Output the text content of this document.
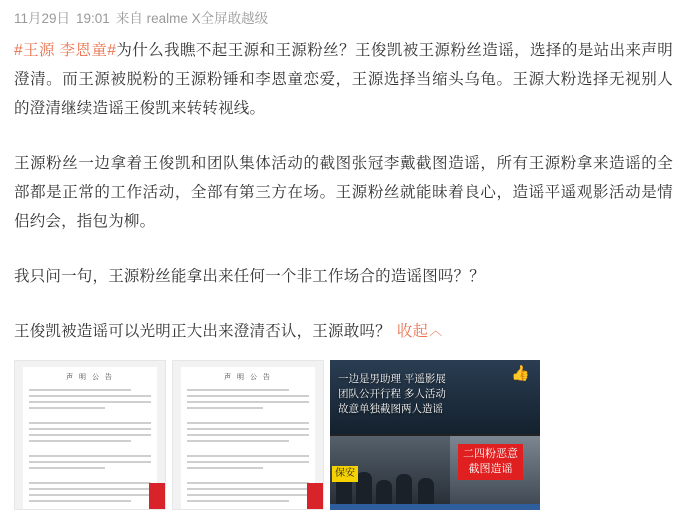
11月29日 19:01 来自 realme X全屏敢越级

#王源 李恩童#为什么我瞧不起王源和王源粉丝？王俊凯被王源粉丝造谣，选择的是站出来声明澄清。而王源被脱粉的王源粉锤和李恩童恋爱，王源选择当缩头乌龟。王源大粉选择无视别人的澄清继续造谣王俊凯来转转视线。

王源粉丝一边拿着王俊凯和团队集体活动的截图张冠李戴截图造谣，所有王源粉拿来造谣的全部都是正常的工作活动，全部有第三方在场。王源粉丝就能昧着良心，造谣平遥观影活动是情侣约会，指包为柳。

我只问一句，王源粉丝能拿出来任何一个非工作场合的造谣图吗？？

王俊凯被造谣可以光明正大出来澄清否认，王源敢吗？ 收起︿

声 明 公 告	声 明 公 告	一边是男助理 平遥影展
团队公开行程 多人活动
故意单独截图两人造谣
👍
保安
二四粉恶意
截图造谣
